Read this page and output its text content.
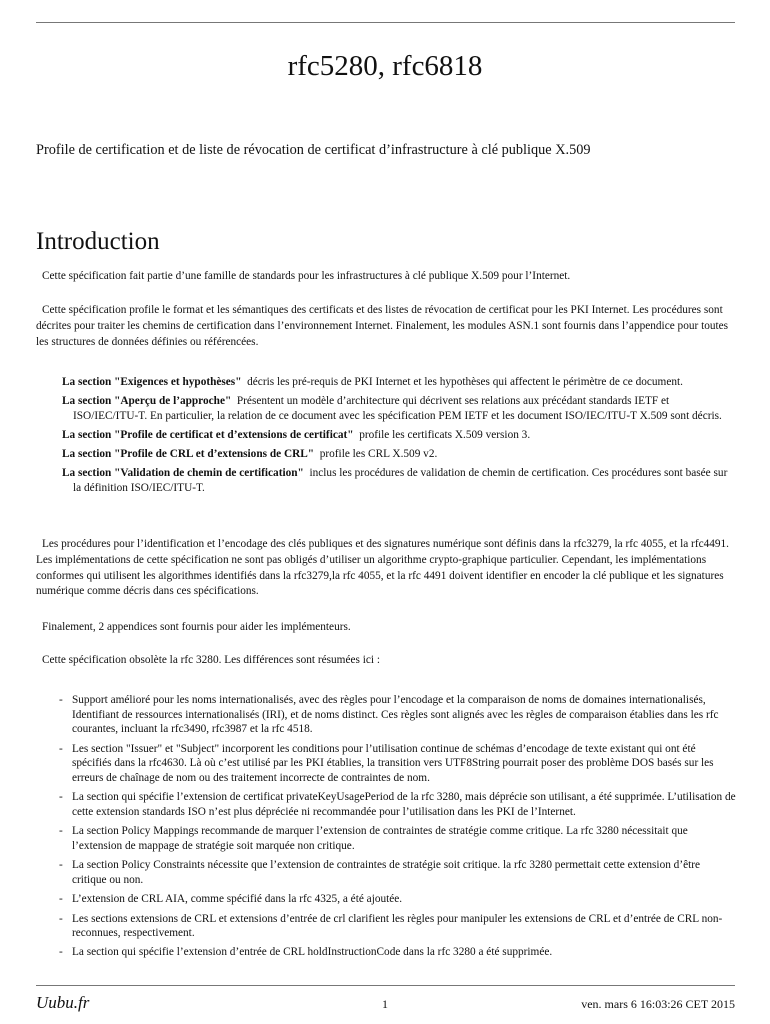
rfc5280, rfc6818

Profile de certification et de liste de révocation de certificat d’infrastructure à clé publique X.509

Introduction

Cette spécification fait partie d’une famille de standards pour les infrastructures à clé publique X.509 pour l’Internet.

Cette spécification profile le format et les sémantiques des certificats et des listes de révocation de certificat pour les PKI Internet. Les procédures sont décrites pour traiter les chemins de certification dans l’environnement Internet. Finalement, les modules ASN.1 sont fournis dans l’appendice pour toutes les structures de données définies ou référencées.

La section "Exigences et hypothèses" décris les pré-requis de PKI Internet et les hypothèses qui affectent le périmètre de ce document.
La section "Aperçu de l’approche" Présentent un modèle d’architecture qui décrivent ses relations aux précédant standards IETF et ISO/IEC/ITU-T. En particulier, la relation de ce document avec les spécification PEM IETF et les document ISO/IEC/ITU-T X.509 sont décris.
La section "Profile de certificat et d’extensions de certificat" profile les certificats X.509 version 3.
La section "Profile de CRL et d’extensions de CRL" profile les CRL X.509 v2.
La section "Validation de chemin de certification" inclus les procédures de validation de chemin de certification. Ces procédures sont basée sur la définition ISO/IEC/ITU-T.

Les procédures pour l’identification et l’encodage des clés publiques et des signatures numérique sont définis dans la rfc3279, la rfc 4055, et la rfc4491. Les implémentations de cette spécification ne sont pas obligés d’utiliser un algorithme crypto-graphique particulier. Cependant, les implémentations conformes qui utilisent les algorithmes identifiés dans la rfc3279,la rfc 4055, et la rfc 4491 doivent identifier en encoder la clé publique et les signatures numérique comme décris dans ces spécifications.

Finalement, 2 appendices sont fournis pour aider les implémenteurs.

Cette spécification obsolète la rfc 3280. Les différences sont résumées ici :

- Support amélioré pour les noms internationalisés, avec des règles pour l’encodage et la comparaison de noms de domaines internationalisés, Identifiant de ressources internationalisés (IRI), et de noms distinct. Ces règles sont alignés avec les règles de comparaison établies dans les rfc courantes, incluant la rfc3490, rfc3987 et la rfc 4518.
- Les section "Issuer" et "Subject" incorporent les conditions pour l’utilisation continue de schémas d’encodage de texte existant qui ont été spécifiés dans la rfc4630. Là où c’est utilisé par les PKI établies, la transition vers UTF8String pourrait poser des problème DOS basés sur les erreurs de chaînage de nom ou des traitement incorrecte de contraintes de nom.
- La section qui spécifie l’extension de certificat privateKeyUsagePeriod de la rfc 3280, mais déprécie son utilisant, a été supprimée. L’utilisation de cette extension standards ISO n’est plus dépréciée ni recommandée pour l’utilisation dans les PKI de l’Internet.
- La section Policy Mappings recommande de marquer l’extension de contraintes de stratégie comme critique. La rfc 3280 nécessitait que l’extension de mappage de stratégie soit marquée non critique.
- La section Policy Constraints nécessite que l’extension de contraintes de stratégie soit critique. la rfc 3280 permettait cette extension d’être critique ou non.
- L’extension de CRL AIA, comme spécifié dans la rfc 4325, a été ajoutée.
- Les sections extensions de CRL et extensions d’entrée de crl clarifient les règles pour manipuler les extensions de CRL et d’entrée de CRL non-reconnues, respectivement.
- La section qui spécifie l’extension d’entrée de CRL holdInstructionCode dans la rfc 3280 a été supprimée.
Uubu.fr	1	ven. mars 6 16:03:26 CET 2015
